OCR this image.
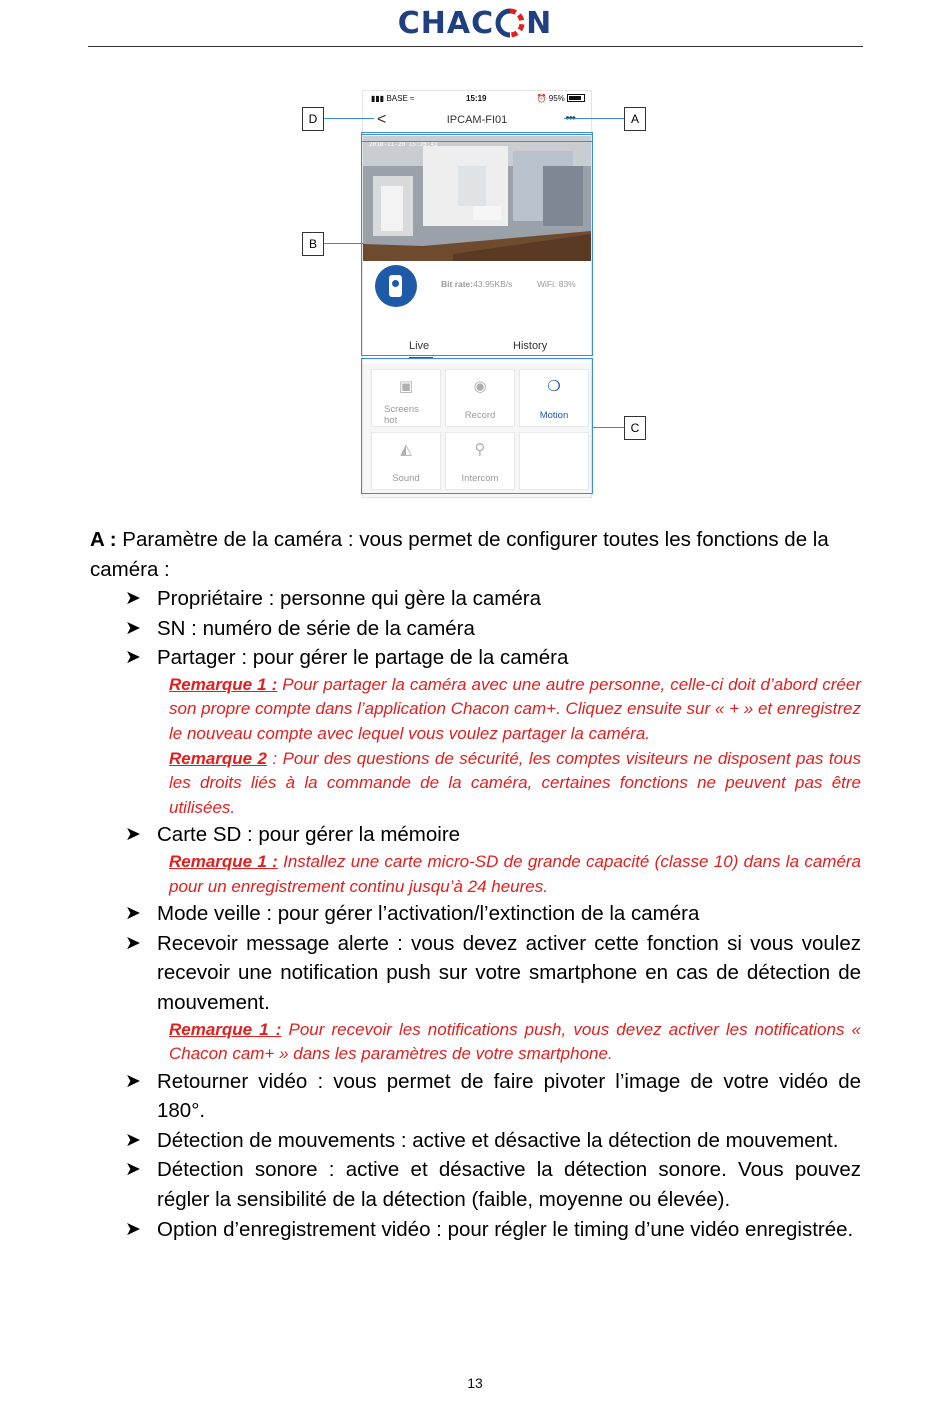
CHAC N
▮▮▮ BASE ≈	15:19	⏰ 95%
<	IPCAM-FI01	•••
2018-11-20 15:20:43
Bit rate:43.95KB/s	WiFi: 83%
Live	History
▣
Screens
hot
◉
Record
❍
Motion
◭
Sound
⚲
Intercom
D	A
B
C
A : Paramètre de la caméra : vous permet de configurer toutes les fonctions de la caméra :
➤ Propriétaire : personne qui gère la caméra
➤ SN : numéro de série de la caméra
➤ Partager : pour gérer le partage de la caméra
Remarque 1 : Pour partager la caméra avec une autre personne, celle-ci doit d’abord créer son propre compte dans l’application Chacon cam+. Cliquez ensuite sur « + » et enregistrez le nouveau compte avec lequel vous voulez partager la caméra.
Remarque 2 : Pour des questions de sécurité, les comptes visiteurs ne disposent pas tous les droits liés à la commande de la caméra, certaines fonctions ne peuvent pas être utilisées.
➤ Carte SD : pour gérer la mémoire
Remarque 1 : Installez une carte micro-SD de grande capacité (classe 10) dans la caméra pour un enregistrement continu jusqu’à 24 heures.
➤ Mode veille : pour gérer l’activation/l’extinction de la caméra
➤ Recevoir message alerte : vous devez activer cette fonction si vous voulez recevoir une notification push sur votre smartphone en cas de détection de mouvement.
Remarque 1 : Pour recevoir les notifications push, vous devez activer les notifications « Chacon cam+ » dans les paramètres de votre smartphone.
➤ Retourner vidéo : vous permet de faire pivoter l’image de votre vidéo de 180°.
➤ Détection de mouvements : active et désactive la détection de mouvement.
➤ Détection sonore : active et désactive la détection sonore. Vous pouvez régler la sensibilité de la détection (faible, moyenne ou élevée).
➤ Option d’enregistrement vidéo : pour régler le timing d’une vidéo enregistrée.
13
